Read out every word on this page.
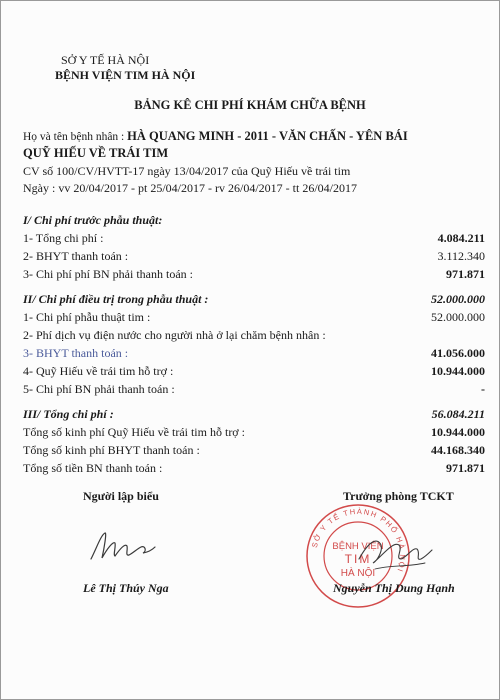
SỞ Y TẾ HÀ NỘI
BỆNH VIỆN TIM HÀ NỘI
BẢNG KÊ CHI PHÍ KHÁM CHỮA BỆNH
Họ và tên bệnh nhân : HÀ QUANG MINH - 2011 - VĂN CHẤN - YÊN BÁI
QUỸ HIẾU VỀ TRÁI TIM
CV số 100/CV/HVTT-17 ngày 13/04/2017 của Quỹ Hiếu về trái tim
Ngày : vv 20/04/2017 - pt 25/04/2017 - rv 26/04/2017 - tt 26/04/2017
I/ Chi phí trước phẫu thuật:
1- Tổng chi phí :	4.084.211
2- BHYT thanh toán :	3.112.340
3- Chi phí phí BN phải thanh toán :	971.871
II/ Chi phí điều trị trong phẫu thuật :	52.000.000
1- Chi phí phẫu thuật tim :	52.000.000
2- Phí dịch vụ điện nước cho người nhà ở lại chăm bệnh nhân :
3- BHYT thanh toán :	41.056.000
4- Quỹ Hiếu về trái tim hỗ trợ :	10.944.000
5- Chi phí BN phải thanh toán :	-
III/ Tổng chi phí :	56.084.211
Tổng số kinh phí Quỹ Hiếu về trái tim hỗ trợ :	10.944.000
Tổng số kinh phí BHYT thanh toán :	44.168.340
Tổng số tiền BN thanh toán :	971.871
Người lập biểu	Trưởng phòng TCKT
SỞ Y TẾ THÀNH PHỐ HÀ NỘI
BỆNH VIỆN
TIM
HÀ NỘI
Lê Thị Thúy Nga	Nguyễn Thị Dung Hạnh
